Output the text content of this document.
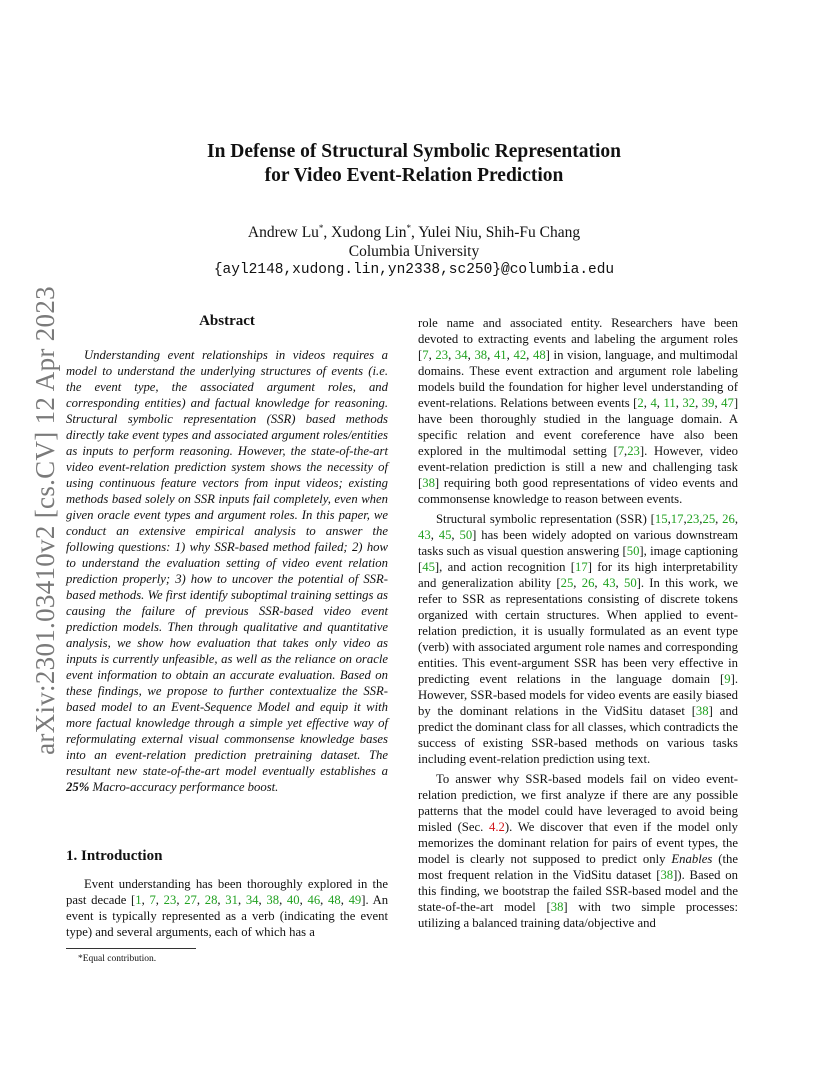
arXiv:2301.03410v2 [cs.CV] 12 Apr 2023
In Defense of Structural Symbolic Representation
for Video Event-Relation Prediction
Andrew Lu*, Xudong Lin*, Yulei Niu, Shih-Fu Chang
Columbia University
{ayl2148,xudong.lin,yn2338,sc250}@columbia.edu
Abstract

Understanding event relationships in videos requires a model to understand the underlying structures of events (i.e. the event type, the associated argument roles, and corresponding entities) and factual knowledge for reasoning. Structural symbolic representation (SSR) based methods directly take event types and associated argument roles/entities as inputs to perform reasoning. However, the state-of-the-art video event-relation prediction system shows the necessity of using continuous feature vectors from input videos; existing methods based solely on SSR inputs fail completely, even when given oracle event types and argument roles. In this paper, we conduct an extensive empirical analysis to answer the following questions: 1) why SSR-based method failed; 2) how to understand the evaluation setting of video event relation prediction properly; 3) how to uncover the potential of SSR-based methods. We first identify suboptimal training settings as causing the failure of previous SSR-based video event prediction models. Then through qualitative and quantitative analysis, we show how evaluation that takes only video as inputs is currently unfeasible, as well as the reliance on oracle event information to obtain an accurate evaluation. Based on these findings, we propose to further contextualize the SSR-based model to an Event-Sequence Model and equip it with more factual knowledge through a simple yet effective way of reformulating external visual commonsense knowledge bases into an event-relation prediction pretraining dataset. The resultant new state-of-the-art model eventually establishes a 25% Macro-accuracy performance boost.

1. Introduction

Event understanding has been thoroughly explored in the past decade [1, 7, 23, 27, 28, 31, 34, 38, 40, 46, 48, 49]. An event is typically represented as a verb (indicating the event type) and several arguments, each of which has a

*Equal contribution.

role name and associated entity. Researchers have been devoted to extracting events and labeling the argument roles [7, 23, 34, 38, 41, 42, 48] in vision, language, and multimodal domains. These event extraction and argument role labeling models build the foundation for higher level understanding of event-relations. Relations between events [2, 4, 11, 32, 39, 47] have been thoroughly studied in the language domain. A specific relation and event coreference have also been explored in the multimodal setting [7,23]. However, video event-relation prediction is still a new and challenging task [38] requiring both good representations of video events and commonsense knowledge to reason between events.

Structural symbolic representation (SSR) [15,17,23,25, 26, 43, 45, 50] has been widely adopted on various downstream tasks such as visual question answering [50], image captioning [45], and action recognition [17] for its high interpretability and generalization ability [25, 26, 43, 50]. In this work, we refer to SSR as representations consisting of discrete tokens organized with certain structures. When applied to event-relation prediction, it is usually formulated as an event type (verb) with associated argument role names and corresponding entities. This event-argument SSR has been very effective in predicting event relations in the language domain [9]. However, SSR-based models for video events are easily biased by the dominant relations in the VidSitu dataset [38] and predict the dominant class for all classes, which contradicts the success of existing SSR-based methods on various tasks including event-relation prediction using text.

To answer why SSR-based models fail on video event-relation prediction, we first analyze if there are any possible patterns that the model could have leveraged to avoid being misled (Sec. 4.2). We discover that even if the model only memorizes the dominant relation for pairs of event types, the model is clearly not supposed to predict only Enables (the most frequent relation in the VidSitu dataset [38]). Based on this finding, we bootstrap the failed SSR-based model and the state-of-the-art model [38] with two simple processes: utilizing a balanced training data/objective and
